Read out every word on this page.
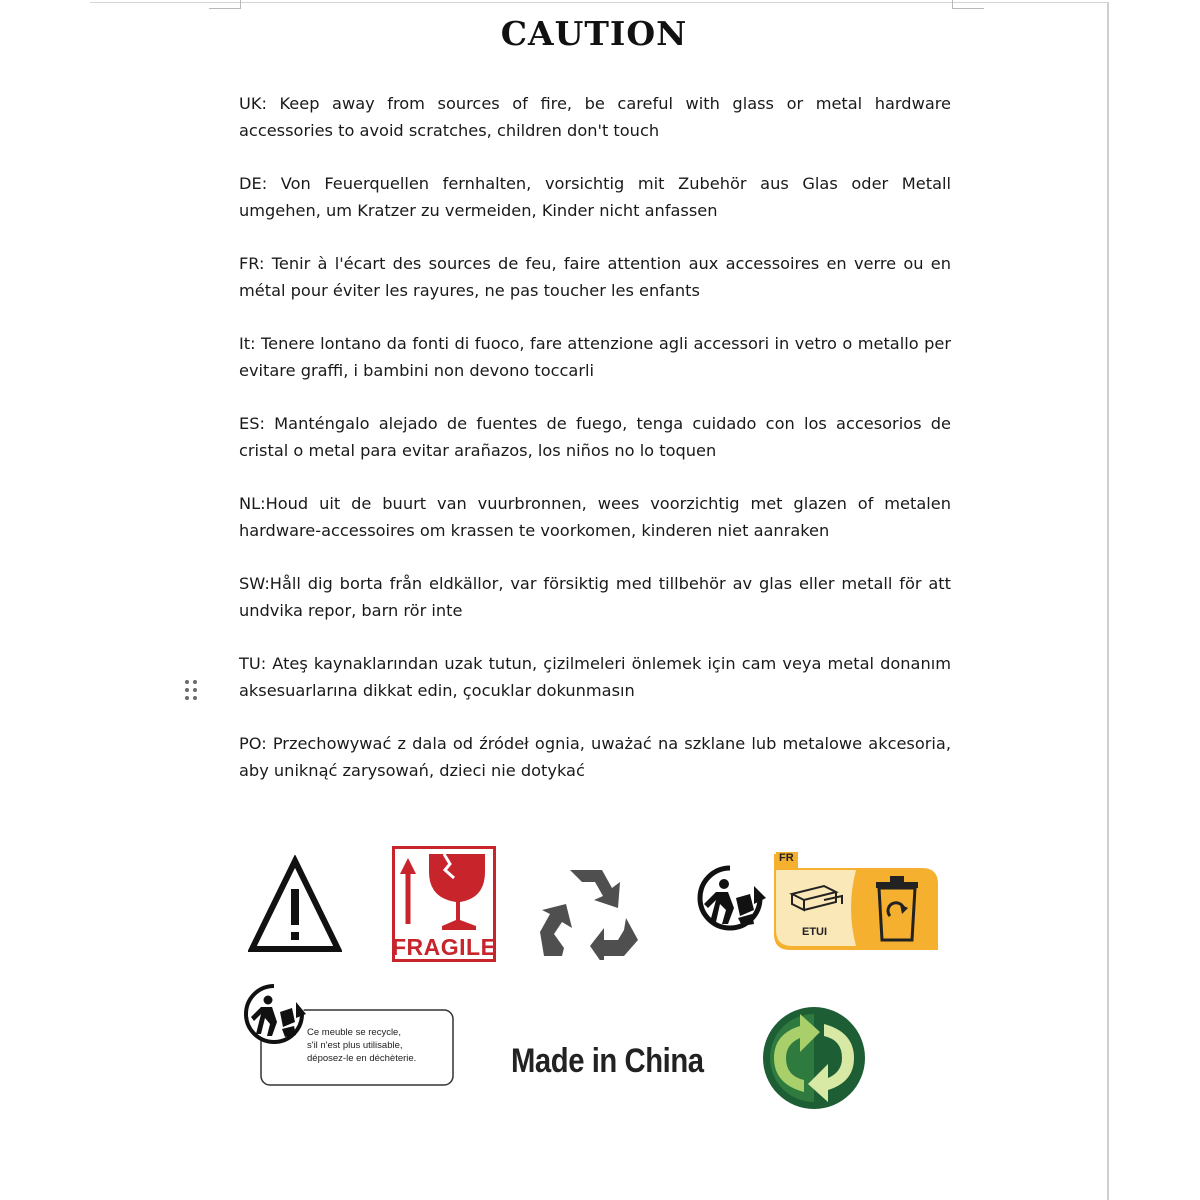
CAUTION

UK: Keep away from sources of fire, be careful with glass or metal hardware accessories to avoid scratches, children don't touch

DE: Von Feuerquellen fernhalten, vorsichtig mit Zubehör aus Glas oder Metall umgehen, um Kratzer zu vermeiden, Kinder nicht anfassen

FR: Tenir à l'écart des sources de feu, faire attention aux accessoires en verre ou en métal pour éviter les rayures, ne pas toucher les enfants

It: Tenere lontano da fonti di fuoco, fare attenzione agli accessori in vetro o metallo per evitare graffi, i bambini non devono toccarli

ES: Manténgalo alejado de fuentes de fuego, tenga cuidado con los accesorios de cristal o metal para evitar arañazos, los niños no lo toquen

NL:Houd uit de buurt van vuurbronnen, wees voorzichtig met glazen of metalen hardware-accessoires om krassen te voorkomen, kinderen niet aanraken

SW:Håll dig borta från eldkällor, var försiktig med tillbehör av glas eller metall för att undvika repor, barn rör inte

TU: Ateş kaynaklarından uzak tutun, çizilmeleri önlemek için cam veya metal donanım aksesuarlarına dikkat edin, çocuklar dokunmasın

PO: Przechowywać z dala od źródeł ognia, uważać na szklane lub metalowe akcesoria, aby uniknąć zarysowań, dzieci nie dotykać

FRAGILE
FR
ETUI
Ce meuble se recycle,
s'il n'est plus utilisable,
déposez-le en déchèterie.	Made in China
